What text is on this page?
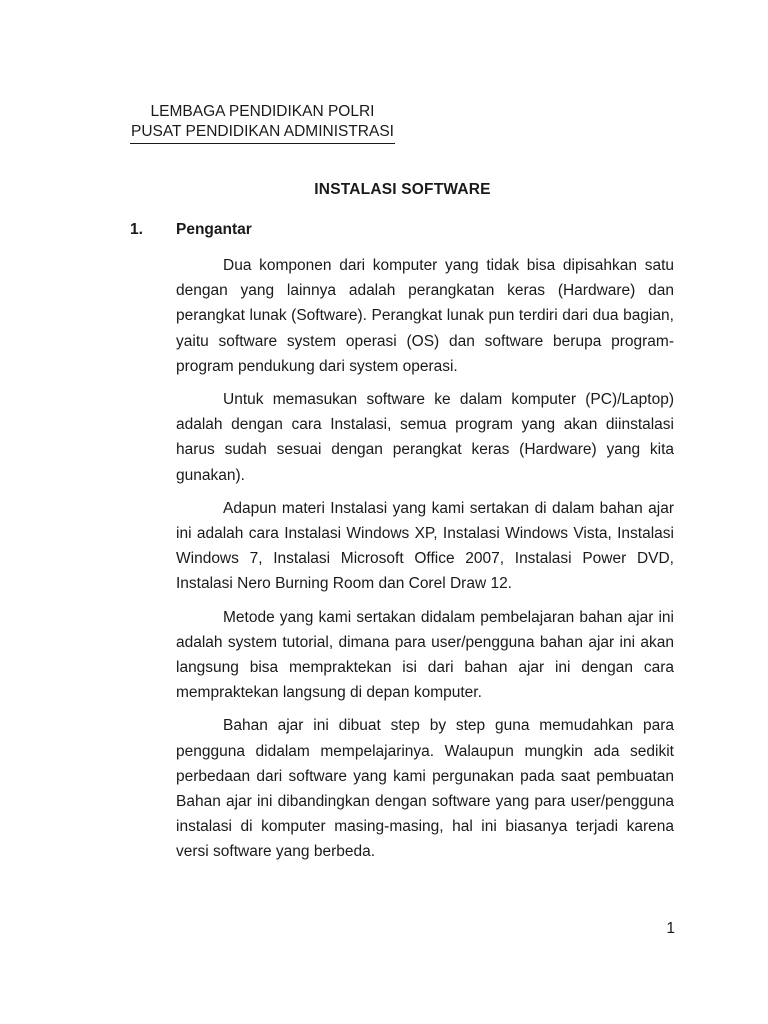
LEMBAGA PENDIDIKAN POLRI
PUSAT PENDIDIKAN ADMINISTRASI
INSTALASI SOFTWARE
1. Pengantar

Dua komponen dari komputer yang tidak bisa dipisahkan satu dengan yang lainnya adalah perangkatan keras (Hardware) dan perangkat lunak (Software). Perangkat lunak pun terdiri dari dua bagian, yaitu software system operasi (OS) dan software berupa program-program pendukung dari system operasi.

Untuk memasukan software ke dalam komputer (PC)/Laptop) adalah dengan cara Instalasi, semua program yang akan diinstalasi harus sudah sesuai dengan perangkat keras (Hardware) yang kita gunakan).

Adapun materi Instalasi yang kami sertakan di dalam bahan ajar ini adalah cara Instalasi Windows XP, Instalasi Windows Vista, Instalasi Windows 7, Instalasi Microsoft Office 2007, Instalasi Power DVD, Instalasi Nero Burning Room dan Corel Draw 12.

Metode yang kami sertakan didalam pembelajaran bahan ajar ini adalah system tutorial, dimana para user/pengguna bahan ajar ini akan langsung bisa mempraktekan isi dari bahan ajar ini dengan cara mempraktekan langsung di depan komputer.

Bahan ajar ini dibuat step by step guna memudahkan para pengguna didalam mempelajarinya. Walaupun mungkin ada sedikit perbedaan dari software yang kami pergunakan pada saat pembuatan Bahan ajar ini dibandingkan dengan software yang para user/pengguna instalasi di komputer masing-masing, hal ini biasanya terjadi karena versi software yang berbeda.

1
